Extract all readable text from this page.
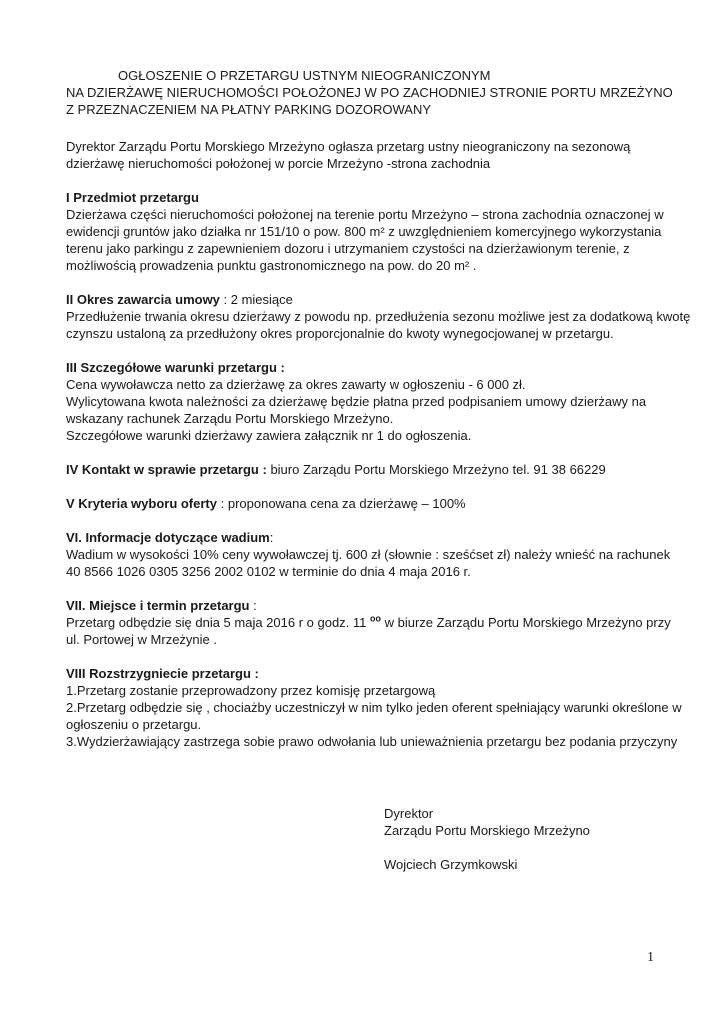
OGŁOSZENIE O PRZETARGU USTNYM NIEOGRANICZONYM
NA DZIERŻAWĘ NIERUCHOMOŚCI POŁOŻONEJ W PO ZACHODNIEJ STRONIE PORTU MRZEŻYNO
Z PRZEZNACZENIEM NA PŁATNY PARKING DOZOROWANY

Dyrektor Zarządu Portu Morskiego Mrzeżyno ogłasza przetarg ustny nieograniczony na sezonową

dzierżawę nieruchomości położonej w porcie Mrzeżyno -strona zachodnia

I Przedmiot przetargu

Dzierżawa części nieruchomości położonej na terenie portu Mrzeżyno – strona zachodnia oznaczonej w

ewidencji gruntów jako działka nr 151/10 o pow. 800 m² z uwzględnieniem komercyjnego wykorzystania

terenu jako parkingu z zapewnieniem dozoru i utrzymaniem czystości na dzierżawionym terenie, z

możliwością prowadzenia punktu gastronomicznego na pow. do 20 m² .

II Okres zawarcia umowy : 2 miesiące

Przedłużenie trwania okresu dzierżawy z powodu np. przedłużenia sezonu możliwe jest za dodatkową kwotę

czynszu ustaloną za przedłużony okres proporcjonalnie do kwoty wynegocjowanej w przetargu.

III Szczegółowe warunki przetargu :

Cena wywoławcza netto za dzierżawę za okres zawarty w ogłoszeniu - 6 000 zł.

Wylicytowana kwota należności za dzierżawę będzie płatna przed podpisaniem umowy dzierżawy na

wskazany rachunek Zarządu Portu Morskiego Mrzeżyno.

Szczegółowe warunki dzierżawy zawiera załącznik nr 1 do ogłoszenia.

IV Kontakt w sprawie przetargu : biuro Zarządu Portu Morskiego Mrzeżyno tel. 91 38 66229

V Kryteria wyboru oferty : proponowana cena za dzierżawę – 100%

VI. Informacje dotyczące wadium:

Wadium w wysokości 10% ceny wywoławczej tj. 600 zł (słownie : sześćset zł) należy wnieść na rachunek

40 8566 1026 0305 3256 2002 0102 w terminie do dnia 4 maja 2016 r.

VII. Miejsce i termin przetargu :

Przetarg odbędzie się dnia 5 maja 2016 r o godz. 11 $^{oo}$ w biurze Zarządu Portu Morskiego Mrzeżyno przy

ul. Portowej w Mrzeżynie .

VIII Rozstrzygniecie przetargu :

1.Przetarg zostanie przeprowadzony przez komisję przetargową

2.Przetarg odbędzie się , chociażby uczestniczył w nim tylko jeden oferent spełniający warunki określone w

ogłoszeniu o przetargu.

3.Wydzierżawiający zastrzega sobie prawo odwołania lub unieważnienia przetargu bez podania przyczyny

Dyrektor
Zarządu Portu Morskiego Mrzeżyno
Wojciech Grzymkowski
1
